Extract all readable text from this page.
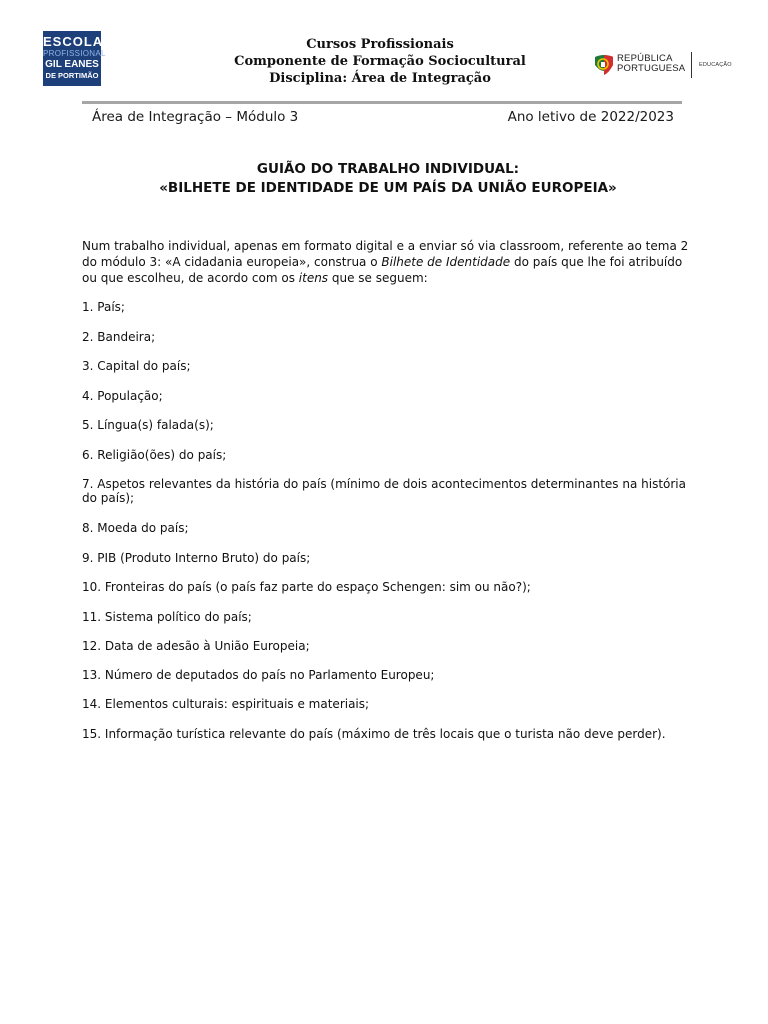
ESCOLA
PROFISSIONAL
GIL EANES
DE PORTIMÃO
Cursos Profissionais
Componente de Formação Sociocultural
Disciplina: Área de Integração
REPÚBLICA
PORTUGUESA EDUCAÇÃO
Área de Integração – Módulo 3	Ano letivo de 2022/2023
GUIÃO DO TRABALHO INDIVIDUAL:
«BILHETE DE IDENTIDADE DE UM PAÍS DA UNIÃO EUROPEIA»

Num trabalho individual, apenas em formato digital e a enviar só via classroom, referente ao tema 2 do módulo 3: «A cidadania europeia», construa o Bilhete de Identidade do país que lhe foi atribuído ou que escolheu, de acordo com os itens que se seguem:

1. País;
2. Bandeira;
3. Capital do país;
4. População;
5. Língua(s) falada(s);
6. Religião(ões) do país;
7. Aspetos relevantes da história do país (mínimo de dois acontecimentos determinantes na história do país);
8. Moeda do país;
9. PIB (Produto Interno Bruto) do país;
10. Fronteiras do país (o país faz parte do espaço Schengen: sim ou não?);
11. Sistema político do país;
12. Data de adesão à União Europeia;
13. Número de deputados do país no Parlamento Europeu;
14. Elementos culturais: espirituais e materiais;
15. Informação turística relevante do país (máximo de três locais que o turista não deve perder).
